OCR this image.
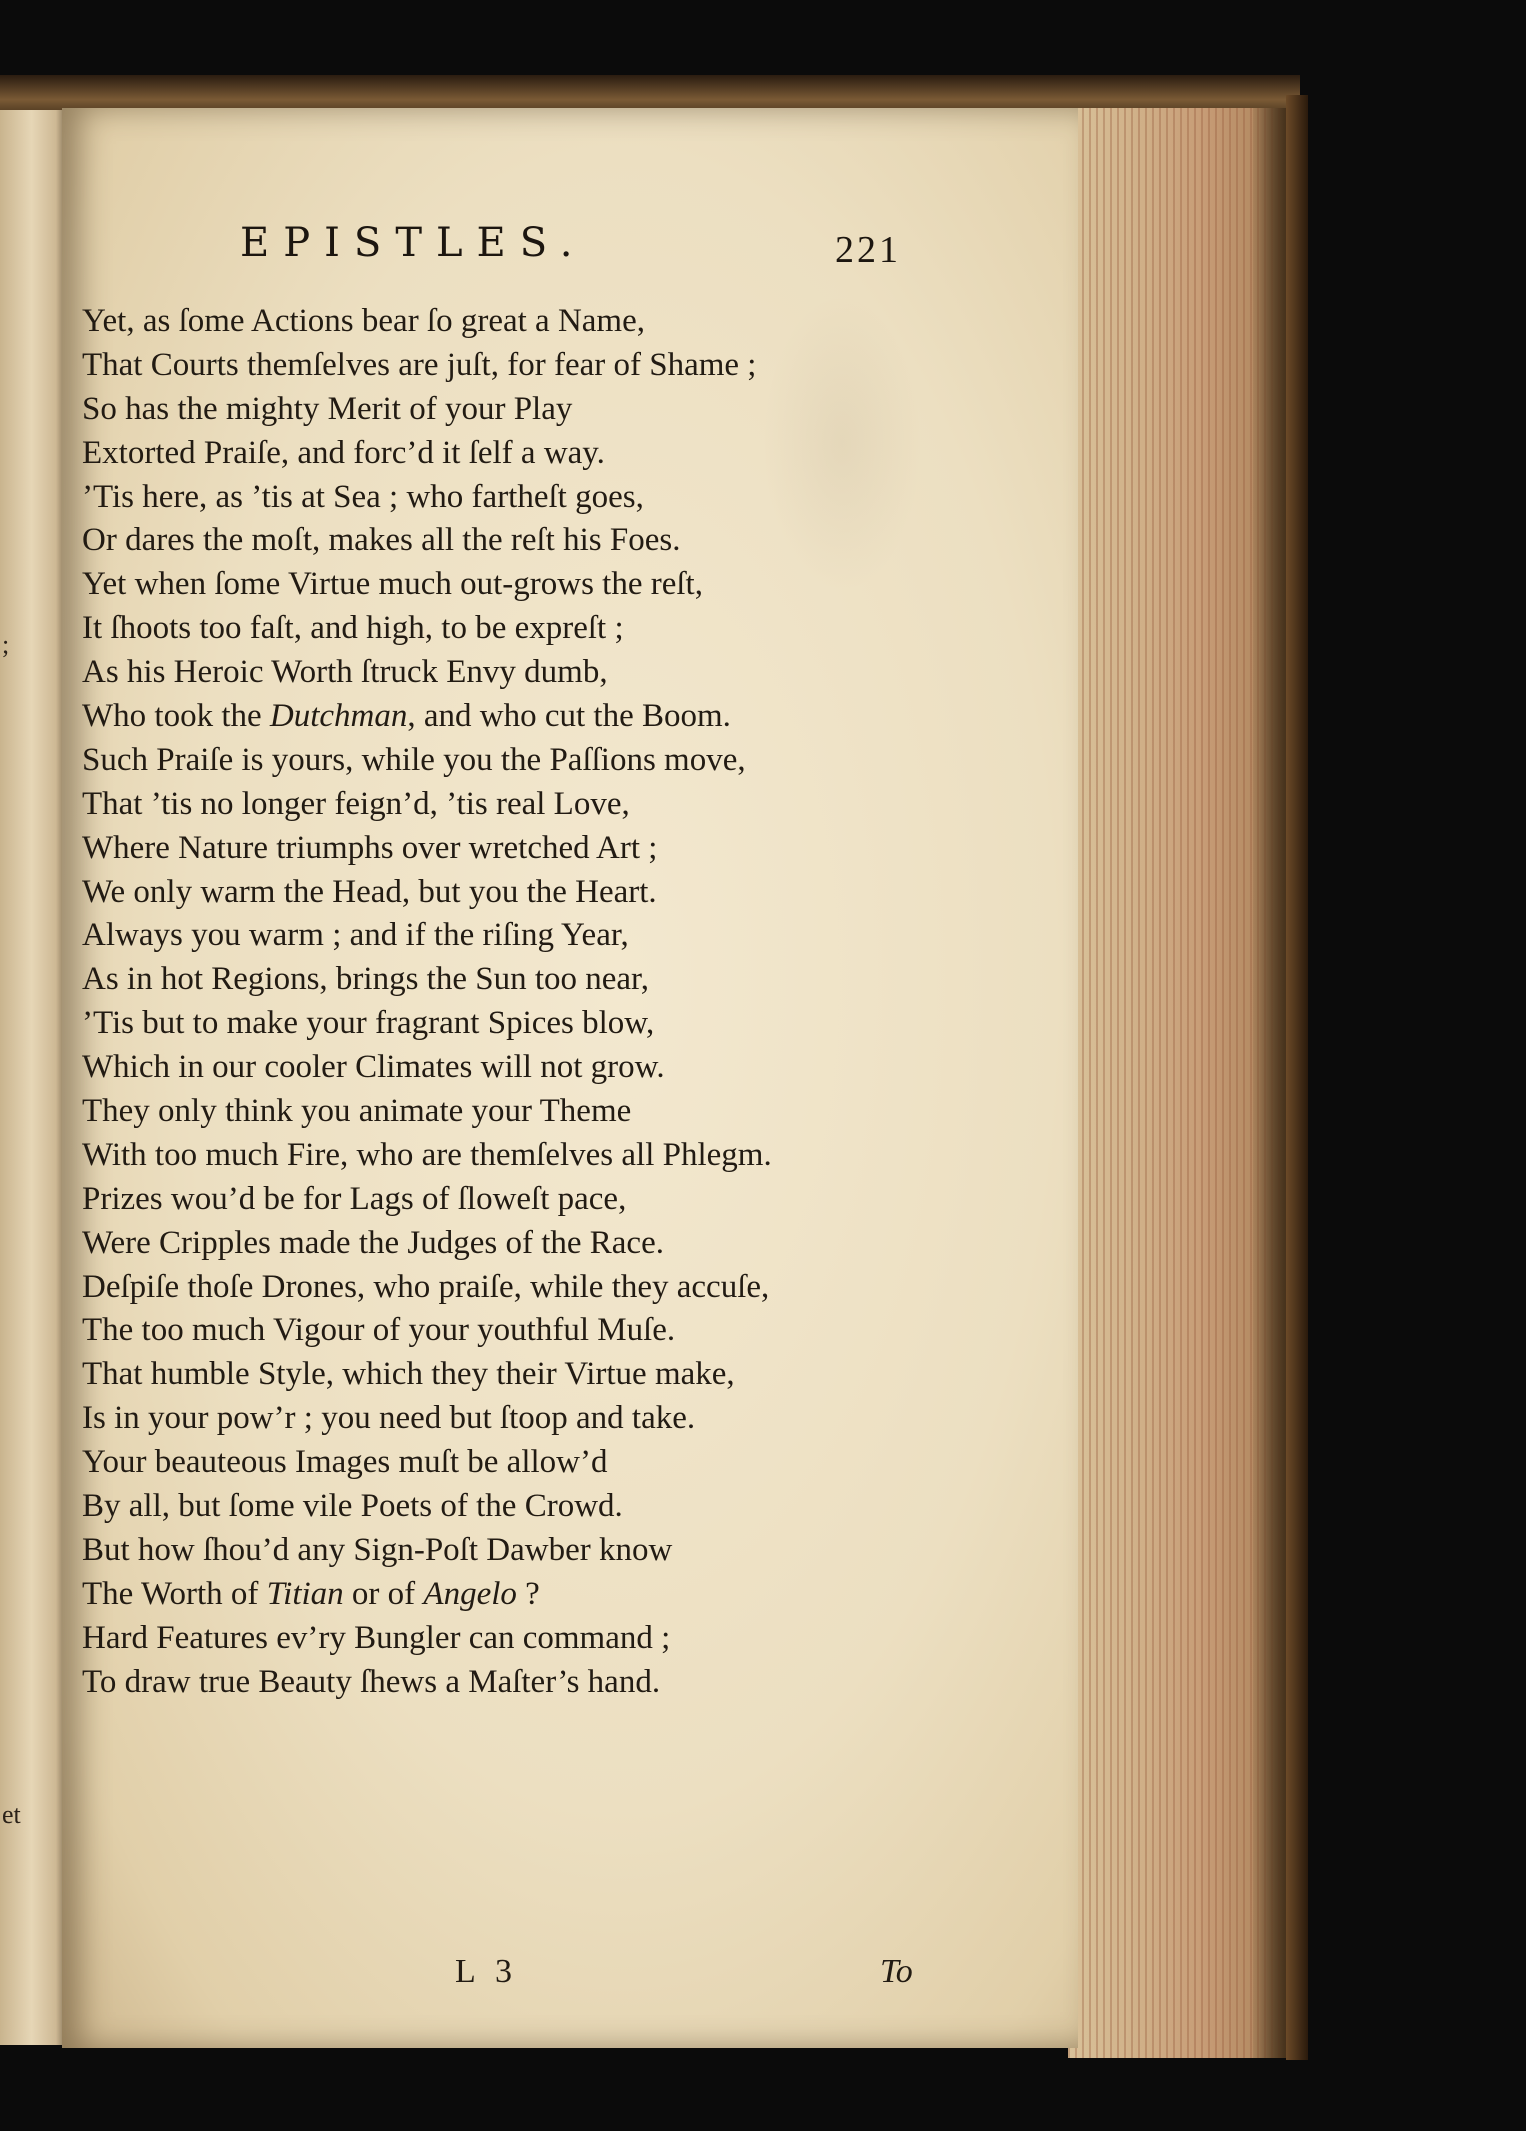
;
et
EPISTLES.	221
Yet, as ſome Actions bear ſo great a Name,
That Courts themſelves are juſt, for fear of Shame ;
So has the mighty Merit of your Play
Extorted Praiſe, and forc’d it ſelf a way.
’Tis here, as ’tis at Sea ; who fartheſt goes,
Or dares the moſt, makes all the reſt his Foes.
Yet when ſome Virtue much out-grows the reſt,
It ſhoots too faſt, and high, to be expreſt ;
As his Heroic Worth ſtruck Envy dumb,
Who took the Dutchman, and who cut the Boom.
Such Praiſe is yours, while you the Paſſions move,
That ’tis no longer feign’d, ’tis real Love,
Where Nature triumphs over wretched Art ;
We only warm the Head, but you the Heart.
Always you warm ; and if the riſing Year,
As in hot Regions, brings the Sun too near,
’Tis but to make your fragrant Spices blow,
Which in our cooler Climates will not grow.
They only think you animate your Theme
With too much Fire, who are themſelves all Phlegm.
Prizes wou’d be for Lags of ſloweſt pace,
Were Cripples made the Judges of the Race.
Deſpiſe thoſe Drones, who praiſe, while they accuſe,
The too much Vigour of your youthful Muſe.
That humble Style, which they their Virtue make,
Is in your pow’r ; you need but ſtoop and take.
Your beauteous Images muſt be allow’d
By all, but ſome vile Poets of the Crowd.
But how ſhou’d any Sign-Poſt Dawber know
The Worth of Titian or of Angelo ?
Hard Features ev’ry Bungler can command ;
To draw true Beauty ſhews a Maſter’s hand.
L 3	To
